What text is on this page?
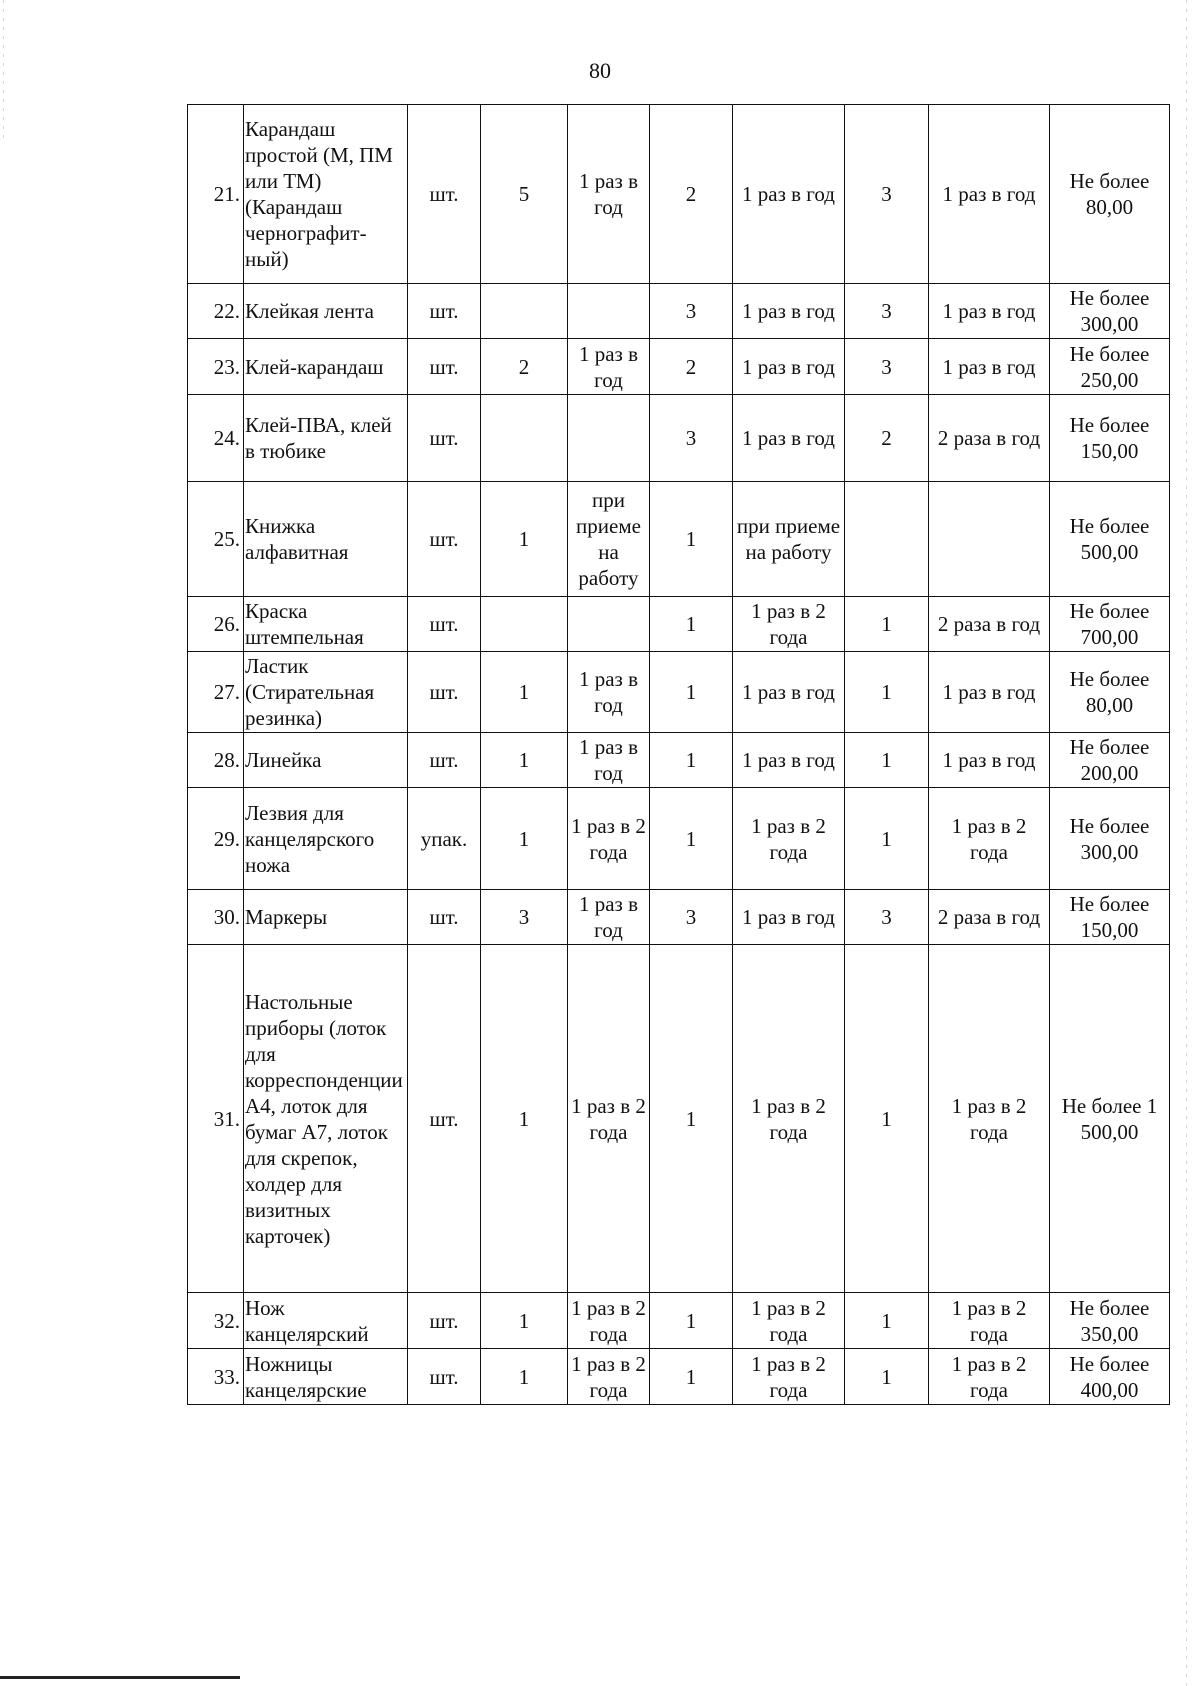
80
21.	Карандаш простой (М, ПМ или ТМ) (Карандаш чернографит-ный)	шт.	5	1 раз в год	2	1 раз в год	3	1 раз в год	Не более 80,00
22.	Клейкая лента	шт.			3	1 раз в год	3	1 раз в год	Не более 300,00
23.	Клей-карандаш	шт.	2	1 раз в год	2	1 раз в год	3	1 раз в год	Не более 250,00
24.	Клей-ПВА, клей в тюбике	шт.			3	1 раз в год	2	2 раза в год	Не более 150,00
25.	Книжка алфавитная	шт.	1	при приеме на работу	1	при приеме на работу			Не более 500,00
26.	Краска штемпельная	шт.			1	1 раз в 2 года	1	2 раза в год	Не более 700,00
27.	Ластик (Стирательная резинка)	шт.	1	1 раз в год	1	1 раз в год	1	1 раз в год	Не более 80,00
28.	Линейка	шт.	1	1 раз в год	1	1 раз в год	1	1 раз в год	Не более 200,00
29.	Лезвия для канцелярского ножа	упак.	1	1 раз в 2 года	1	1 раз в 2 года	1	1 раз в 2 года	Не более 300,00
30.	Маркеры	шт.	3	1 раз в год	3	1 раз в год	3	2 раза в год	Не более 150,00
31.	Настольные приборы (лоток для корреспонденции А4, лоток для бумаг А7, лоток для скрепок, холдер для визитных карточек)	шт.	1	1 раз в 2 года	1	1 раз в 2 года	1	1 раз в 2 года	Не более 1 500,00
32.	Нож канцелярский	шт.	1	1 раз в 2 года	1	1 раз в 2 года	1	1 раз в 2 года	Не более 350,00
33.	Ножницы канцелярские	шт.	1	1 раз в 2 года	1	1 раз в 2 года	1	1 раз в 2 года	Не более 400,00
